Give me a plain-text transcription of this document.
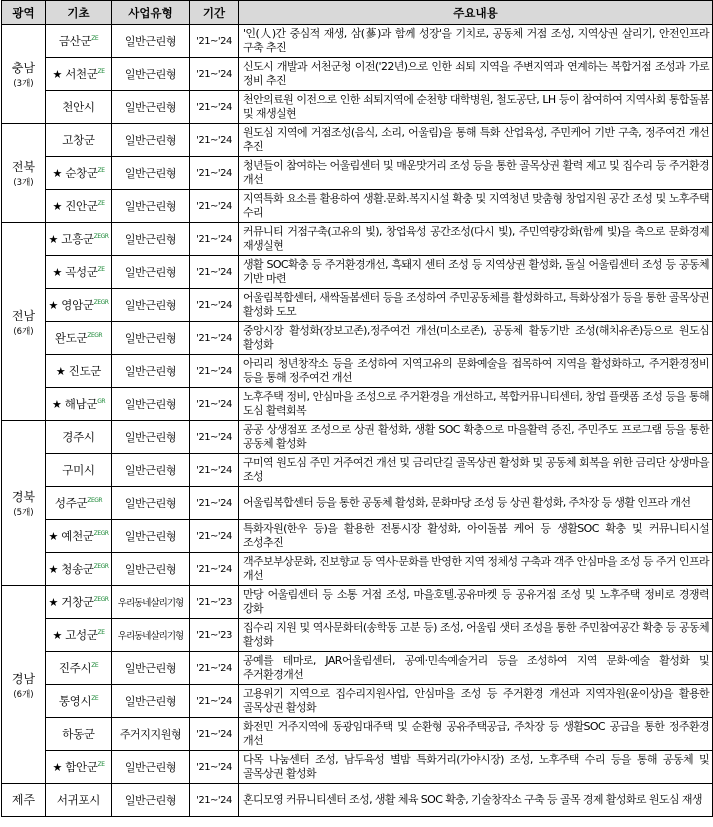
광역	기초	사업유형	기간	주요내용
충남
(3개)	금산군$^{ZE}$	일반근린형	'21~'24	'인(人)간 중심적 재생, 삼(蔘)과 함께 성장'을 기치로, 공동체 거점 조성, 지역상권 살리기, 안전인프라 구축 추진
	★ 서천군$^{ZE}$	일반근린형	'21~'24	신도시 개발과 서천군청 이전('22년)으로 인한 쇠퇴 지역을 주변지역과 연계하는 복합거점 조성과 가로 정비 추진
	천안시	일반근린형	'21~'24	천안의료원 이전으로 인한 쇠퇴지역에 순천향 대학병원, 철도공단, LH 등이 참여하여 지역사회 통합돌봄 및 재생실현
전북
(3개)	고창군	일반근린형	'21~'24	원도심 지역에 거점조성(음식, 소리, 어울림)을 통해 특화 산업육성, 주민케어 기반 구축, 정주여건 개선 추진
	★ 순창군$^{ZE}$	일반근린형	'21~'24	청년들이 참여하는 어울림센터 및 매운맛거리 조성 등을 통한 골목상권 활력 제고 및 집수리 등 주거환경 개선
	★ 진안군$^{ZE}$	일반근린형	'21~'24	지역특화 요소를 활용하여 생활.문화.복지시설 확충 및 지역청년 맞춤형 창업지원 공간 조성 및 노후주택 수리
전남
(6개)	★ 고흥군$^{ZEGR}$	일반근린형	'21~'24	커뮤니티 거점구축(고유의 빛), 창업육성 공간조성(다시 빛), 주민역량강화(함께 빛)을 축으로 문화경제 재생실현
	★ 곡성군$^{ZE}$	일반근린형	'21~'24	생활 SOC확충 등 주거환경개선, 흑돼지 센터 조성 등 지역상권 활성화, 돌실 어울림센터 조성 등 공동체 기반 마련
	★ 영암군$^{ZEGR}$	일반근린형	'21~'24	어울림복합센터, 새싹돌봄센터 등을 조성하여 주민공동체를 활성화하고, 특화상점가 등을 통한 골목상권 활성화 도모
	완도군$^{ZEGR}$	일반근린형	'21~'24	중앙시장 활성화(장보고존),정주여건 개선(미소로존), 공동체 활동기반 조성(해치유존)등으로 원도심 활성화
	★ 진도군	일반근린형	'21~'24	아리리 청년창작소 등을 조성하여 지역고유의 문화예술을 접목하여 지역을 활성화하고, 주거환경정비 등을 통해 정주여건 개선
	★ 해남군$^{GR}$	일반근린형	'21~'24	노후주택 정비, 안심마을 조성으로 주거환경을 개선하고, 복합커뮤니티센터, 창업 플랫폼 조성 등을 통해 도심 활력회복
경북
(5개)	경주시	일반근린형	'21~'24	공공 상생점포 조성으로 상권 활성화, 생활 SOC 확충으로 마을활력 증진, 주민주도 프로그램 등을 통한 공동체 활성화
	구미시	일반근린형	'21~'24	구미역 원도심 주민 거주여건 개선 및 금리단길 골목상권 활성화 및 공동체 회복을 위한 금리단 상생마을 조성
	성주군$^{ZEGR}$	일반근린형	'21~'24	어울림복합센터 등을 통한 공동체 활성화, 문화마당 조성 등 상권 활성화, 주차장 등 생활 인프라 개선
	★ 예천군$^{ZEGR}$	일반근린형	'21~'24	특화자원(한우 등)을 활용한 전통시장 활성화, 아이돌봄 케어 등 생활SOC 확충 및 커뮤니티시설 조성추진
	★ 청송군$^{ZEGR}$	일반근린형	'21~'24	객주보부상문화, 진보향교 등 역사·문화를 반영한 지역 정체성 구축과 객주 안심마을 조성 등 주거 인프라 개선
경남
(6개)	★ 거창군$^{ZEGR}$	우리동네살리기형	'21~'23	만당 어울림센터 등 소통 거점 조성, 마을호텔.공유마켓 등 공유거점 조성 및 노후주택 정비로 경쟁력 강화
	★ 고성군$^{ZE}$	우리동네살리기형	'21~'23	집수리 지원 및 역사문화터(송학동 고분 등) 조성, 어울림 샛터 조성을 통한 주민참여공간 확충 등 공동체 활성화
	진주시$^{ZE}$	일반근린형	'21~'24	공예를 테마로, JAR어울림센터, 공예·민속예술거리 등을 조성하여 지역 문화·예술 활성화 및 주거환경개선
	통영시$^{ZE}$	일반근린형	'21~'24	고용위기 지역으로 집수리지원사업, 안심마을 조성 등 주거환경 개선과 지역자원(윤이상)을 활용한 골목상권 활성화
	하동군	주거지지원형	'21~'24	화전민 거주지역에 동광임대주택 및 순환형 공유주택공급, 주차장 등 생활SOC 공급을 통한 정주환경 개선
	★ 함안군$^{ZE}$	일반근린형	'21~'24	다목 나눔센터 조성, 남두육성 별밤 특화거리(가야시장) 조성, 노후주택 수리 등을 통해 공동체 및 골목상권 활성화
제주	서귀포시	일반근린형	'21~'24	혼디모영 커뮤니티센터 조성, 생활 체육 SOC 확충, 기술창작소 구축 등 골목 경제 활성화로 원도심 재생
